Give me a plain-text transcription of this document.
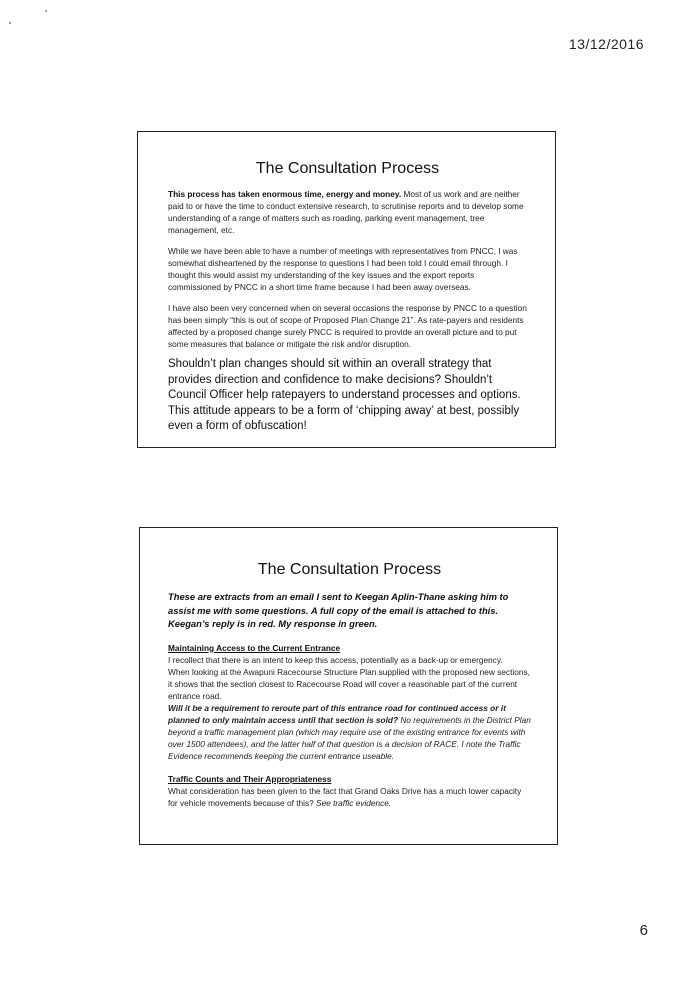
13/12/2016
The Consultation Process

This process has taken enormous time, energy and money. Most of us work and are neither paid to or have the time to conduct extensive research, to scrutinise reports and to develop some understanding of a range of matters such as roading, parking event management, tree management, etc.

While we have been able to have a number of meetings with representatives from PNCC, I was somewhat disheartened by the response to questions I had been told I could email through. I thought this would assist my understanding of the key issues and the export reports commissioned by PNCC in a short time frame because I had been away overseas.

I have also been very concerned when on several occasions the response by PNCC to a question has been simply “this is out of scope of Proposed Plan Change 21”. As rate-payers and residents affected by a proposed change surely PNCC is required to provide an overall picture and to put some measures that balance or mitigate the risk and/or disruption.

Shouldn’t plan changes should sit within an overall strategy that provides direction and confidence to make decisions? Shouldn’t Council Officer help ratepayers to understand processes and options. This attitude appears to be a form of ‘chipping away’ at best, possibly even a form of obfuscation!

The Consultation Process

These are extracts from an email I sent to Keegan Aplin-Thane asking him to assist me with some questions. A full copy of the email is attached to this. Keegan’s reply is in red. My response in green.

Maintaining Access to the Current Entrance

I recollect that there is an intent to keep this access, potentially as a back-up or emergency.

When looking at the Awapuni Racecourse Structure Plan supplied with the proposed new sections, it shows that the section closest to Racecourse Road will cover a reasonable part of the current entrance road.

Will it be a requirement to reroute part of this entrance road for continued access or it planned to only maintain access until that section is sold? No requirements in the District Plan beyond a traffic management plan (which may require use of the existing entrance for events with over 1500 attendees), and the latter half of that question is a decision of RACE. I note the Traffic Evidence recommends keeping the current entrance useable.

Traffic Counts and Their Appropriateness

What consideration has been given to the fact that Grand Oaks Drive has a much lower capacity for vehicle movements because of this? See traffic evidence.

6
